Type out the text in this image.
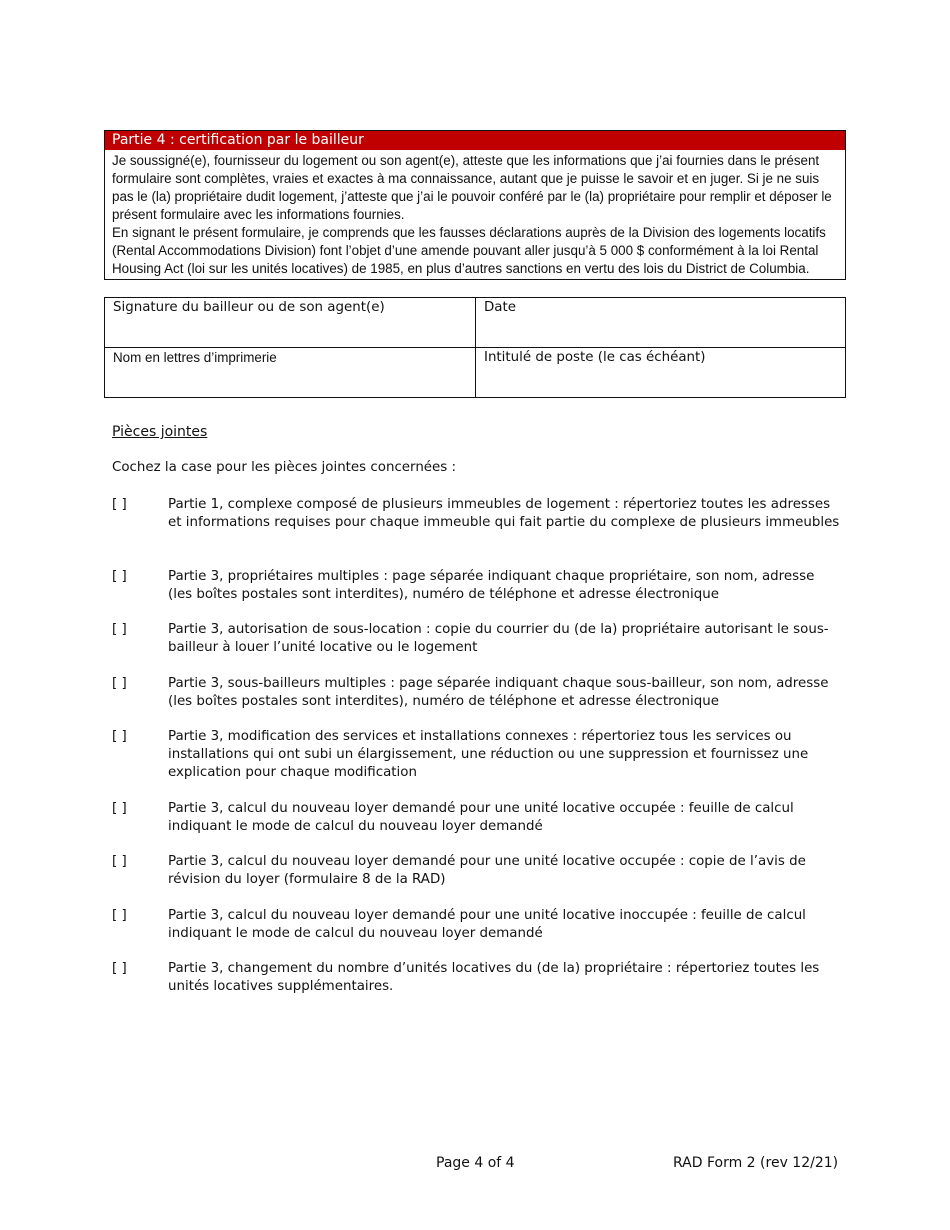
Partie 4 : certification par le bailleur

Je soussigné(e), fournisseur du logement ou son agent(e), atteste que les informations que j’ai fournies dans le présent formulaire sont complètes, vraies et exactes à ma connaissance, autant que je puisse le savoir et en juger. Si je ne suis pas le (la) propriétaire dudit logement, j’atteste que j’ai le pouvoir conféré par le (la) propriétaire pour remplir et déposer le présent formulaire avec les informations fournies.

En signant le présent formulaire, je comprends que les fausses déclarations auprès de la Division des logements locatifs (Rental Accommodations Division) font l’objet d’une amende pouvant aller jusqu’à 5 000 $ conformément à la loi Rental Housing Act (loi sur les unités locatives) de 1985, en plus d’autres sanctions en vertu des lois du District de Columbia.

Signature du bailleur ou de son agent(e)	Date
Nom en lettres d’imprimerie	Intitulé de poste (le cas échéant)
Pièces jointes
Cochez la case pour les pièces jointes concernées :
[ ]	Partie 1, complexe composé de plusieurs immeubles de logement : répertoriez toutes les adresses et informations requises pour chaque immeuble qui fait partie du complexe de plusieurs immeubles
[ ]	Partie 3, propriétaires multiples : page séparée indiquant chaque propriétaire, son nom, adresse (les boîtes postales sont interdites), numéro de téléphone et adresse électronique
[ ]	Partie 3, autorisation de sous-location : copie du courrier du (de la) propriétaire autorisant le sous-bailleur à louer l’unité locative ou le logement
[ ]	Partie 3, sous-bailleurs multiples : page séparée indiquant chaque sous-bailleur, son nom, adresse (les boîtes postales sont interdites), numéro de téléphone et adresse électronique
[ ]	Partie 3, modification des services et installations connexes : répertoriez tous les services ou installations qui ont subi un élargissement, une réduction ou une suppression et fournissez une explication pour chaque modification
[ ]	Partie 3, calcul du nouveau loyer demandé pour une unité locative occupée : feuille de calcul indiquant le mode de calcul du nouveau loyer demandé
[ ]	Partie 3, calcul du nouveau loyer demandé pour une unité locative occupée : copie de l’avis de révision du loyer (formulaire 8 de la RAD)
[ ]	Partie 3, calcul du nouveau loyer demandé pour une unité locative inoccupée : feuille de calcul indiquant le mode de calcul du nouveau loyer demandé
[ ]	Partie 3, changement du nombre d’unités locatives du (de la) propriétaire : répertoriez toutes les unités locatives supplémentaires.
Page 4 of 4	RAD Form 2 (rev 12/21)
